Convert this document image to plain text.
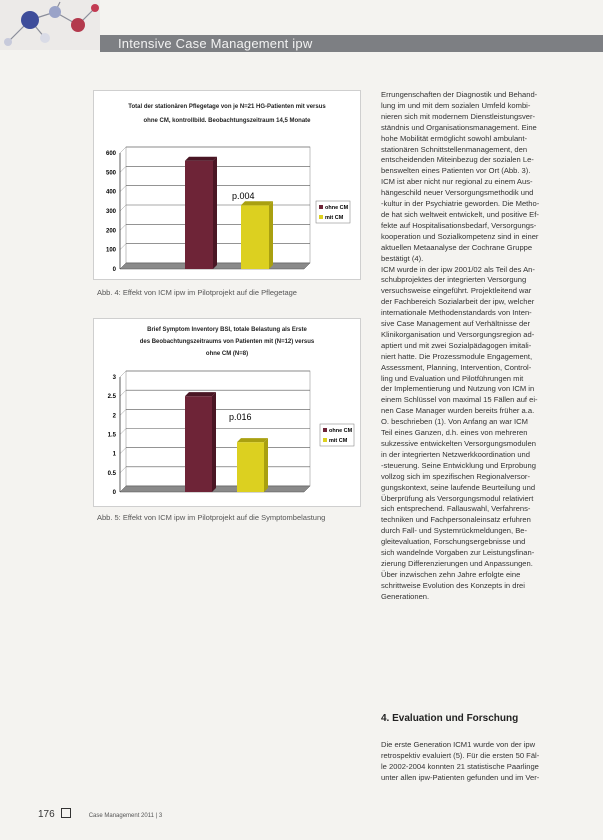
Intensive Case Management ipw
Total der stationären Pflegetage von je N=21 HG-Patienten mit versus
ohne CM, kontrollbild. Beobachtungszeitraum 14,5 Monate
0
100
200
300
400
500
600
p.004
ohne CM
mit CM
Abb. 4: Effekt von ICM ipw im Pilotprojekt auf die Pflegetage
Brief Symptom Inventory BSI, totale Belastung als Erste
des Beobachtungszeitraums von Patienten mit (N=12) versus
ohne CM (N=8)
0
0.5
1
1.5
2
2.5
3
p.016
ohne CM
mit CM
Abb. 5: Effekt von ICM ipw im Pilotprojekt auf die Symptombelastung

Errungenschaften der Diagnostik und Behand-

lung im und mit dem sozialen Umfeld kombi-

nieren sich mit modernem Dienstleistungsver-

ständnis und Organisationsmanagement. Eine

hohe Mobilität ermöglicht sowohl ambulant-

stationären Schnittstellenmanagement, den

entscheidenden Miteinbezug der sozialen Le-

benswelten eines Patienten vor Ort (Abb. 3).

ICM ist aber nicht nur regional zu einem Aus-

hängeschild neuer Versorgungsmethodik und

-kultur in der Psychiatrie geworden. Die Metho-

de hat sich weltweit entwickelt, und positive Ef-

fekte auf Hospitalisationsbedarf, Versorgungs-

kooperation und Sozialkompetenz sind in einer

aktuellen Metaanalyse der Cochrane Gruppe

bestätigt (4).

ICM wurde in der ipw 2001/02 als Teil des An-

schubprojektes der integrierten Versorgung

versuchsweise eingeführt. Projektleitend war

der Fachbereich Sozialarbeit der ipw, welcher

internationale Methodenstandards von Inten-

sive Case Management auf Verhältnisse der

Klinikorganisation und Versorgungsregion ad-

aptiert und mit zwei Sozialpädagogen imitali-

niert hatte. Die Prozessmodule Engagement,

Assessment, Planning, Intervention, Control-

ling und Evaluation und Pilotführungen mit

der Implementierung und Nutzung von ICM in

einem Schlüssel von maximal 15 Fällen auf ei-

nen Case Manager wurden bereits früher a.a.

O. beschrieben (1). Von Anfang an war ICM

Teil eines Ganzen, d.h. eines von mehreren

sukzessive entwickelten Versorgungsmodulen

in der integrierten Netzwerkkoordination und

-steuerung. Seine Entwicklung und Erprobung

vollzog sich im spezifischen Regionalversor-

gungskontext, seine laufende Beurteilung und

Überprüfung als Versorgungsmodul relativiert

sich entsprechend. Fallauswahl, Verfahrens-

techniken und Fachpersonaleinsatz erfuhren

durch Fall- und Systemrückmeldungen, Be-

gleitevaluation, Forschungsergebnisse und

sich wandelnde Vorgaben zur Leistungsfinan-

zierung Differenzierungen und Anpassungen.

Über inzwischen zehn Jahre erfolgte eine

schrittweise Evolution des Konzepts in drei

Generationen.

4. Evaluation und Forschung

Die erste Generation ICM1 wurde von der ipw

retrospektiv evaluiert (5). Für die ersten 50 Fäl-

le 2002-2004 konnten 21 statistische Paarlinge

unter allen ipw-Patienten gefunden und im Ver-

176	Case Management 2011 | 3
